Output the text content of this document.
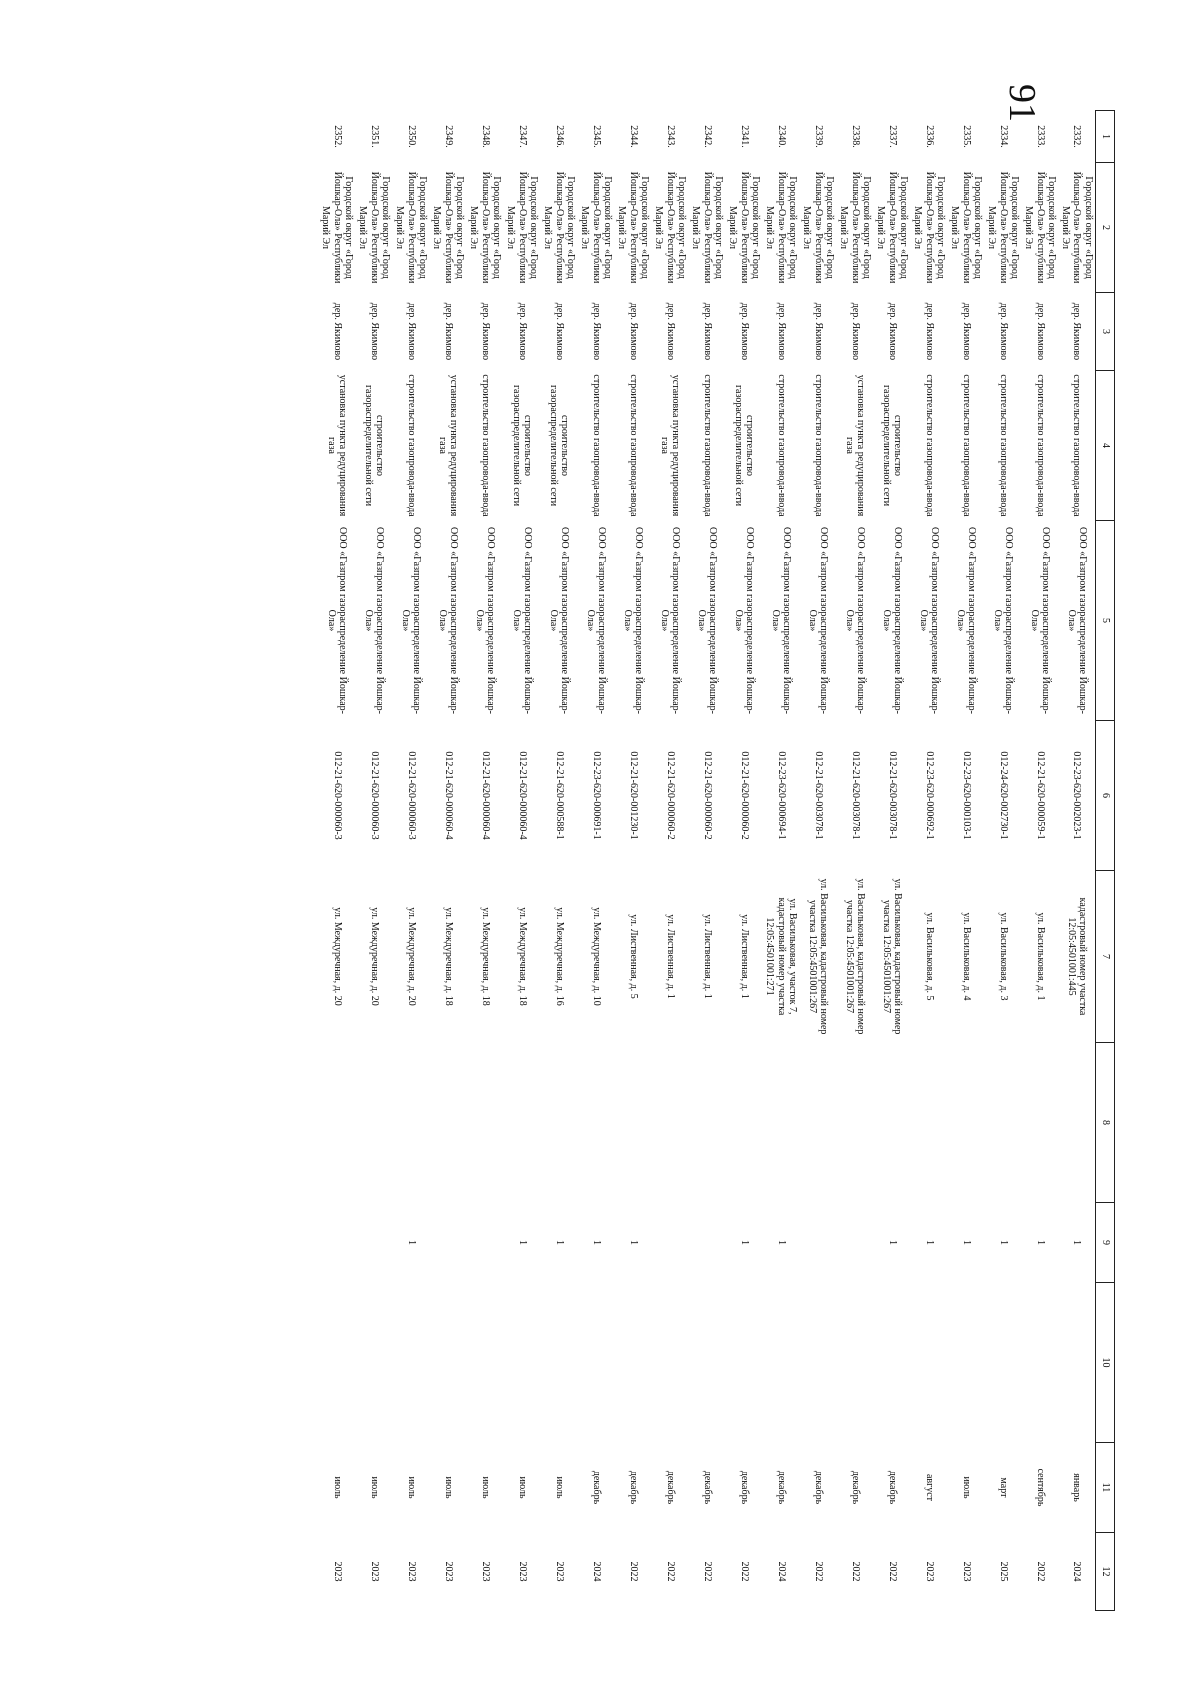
91
1	2	3	4	5	6	7	8	9	10	11	12
2332.	Городской округ «Город Йошкар-Ола» Республики Марий Эл	дер. Якимово	строительство газопровода-ввода	ООО «Газпром газораспределение Йошкар-Ола»	012-23-620-002023-1	кадастровый номер участка 12:05:4501001:445		1		январь	2024
2333.	Городской округ «Город Йошкар-Ола» Республики Марий Эл	дер. Якимово	строительство газопровода-ввода	ООО «Газпром газораспределение Йошкар-Ола»	012-21-620-000059-1	ул. Васильковая, д. 1		1		сентябрь	2022
2334.	Городской округ «Город Йошкар-Ола» Республики Марий Эл	дер. Якимово	строительство газопровода-ввода	ООО «Газпром газораспределение Йошкар-Ола»	012-24-620-002730-1	ул. Васильковая, д. 3		1		март	2025
2335.	Городской округ «Город Йошкар-Ола» Республики Марий Эл	дер. Якимово	строительство газопровода-ввода	ООО «Газпром газораспределение Йошкар-Ола»	012-23-620-000103-1	ул. Васильковая, д. 4		1		июль	2023
2336.	Городской округ «Город Йошкар-Ола» Республики Марий Эл	дер. Якимово	строительство газопровода-ввода	ООО «Газпром газораспределение Йошкар-Ола»	012-23-620-000692-1	ул. Васильковая, д. 5		1		август	2023
2337.	Городской округ «Город Йошкар-Ола» Республики Марий Эл	дер. Якимово	строительство газораспределительной сети	ООО «Газпром газораспределение Йошкар-Ола»	012-21-620-003078-1	ул. Васильковая, кадастровый номер участка 12:05:4501001:267		1		декабрь	2022
2338.	Городской округ «Город Йошкар-Ола» Республики Марий Эл	дер. Якимово	установка пункта редуцирования газа	ООО «Газпром газораспределение Йошкар-Ола»	012-21-620-003078-1	ул. Васильковая, кадастровый номер участка 12:05:4501001:267				декабрь	2022
2339.	Городской округ «Город Йошкар-Ола» Республики Марий Эл	дер. Якимово	строительство газопровода-ввода	ООО «Газпром газораспределение Йошкар-Ола»	012-21-620-003078-1	ул. Васильковая, кадастровый номер участка 12:05:4501001:267				декабрь	2022
2340.	Городской округ «Город Йошкар-Ола» Республики Марий Эл	дер. Якимово	строительство газопровода-ввода	ООО «Газпром газораспределение Йошкар-Ола»	012-23-620-000694-1	ул. Васильковая, участок 7, кадастровый номер участка 12:05:4501001:271		1		декабрь	2024
2341.	Городской округ «Город Йошкар-Ола» Республики Марий Эл	дер. Якимово	строительство газораспределительной сети	ООО «Газпром газораспределение Йошкар-Ола»	012-21-620-000060-2	ул. Лиственная, д. 1		1		декабрь	2022
2342.	Городской округ «Город Йошкар-Ола» Республики Марий Эл	дер. Якимово	строительство газопровода-ввода	ООО «Газпром газораспределение Йошкар-Ола»	012-21-620-000060-2	ул. Лиственная, д. 1				декабрь	2022
2343.	Городской округ «Город Йошкар-Ола» Республики Марий Эл	дер. Якимово	установка пункта редуцирования газа	ООО «Газпром газораспределение Йошкар-Ола»	012-21-620-000060-2	ул. Лиственная, д. 1				декабрь	2022
2344.	Городской округ «Город Йошкар-Ола» Республики Марий Эл	дер. Якимово	строительство газопровода-ввода	ООО «Газпром газораспределение Йошкар-Ола»	012-21-620-001230-1	ул. Лиственная, д. 5		1		декабрь	2022
2345.	Городской округ «Город Йошкар-Ола» Республики Марий Эл	дер. Якимово	строительство газопровода-ввода	ООО «Газпром газораспределение Йошкар-Ола»	012-23-620-000691-1	ул. Междуречная, д. 10		1		декабрь	2024
2346.	Городской округ «Город Йошкар-Ола» Республики Марий Эл	дер. Якимово	строительство газораспределительной сети	ООО «Газпром газораспределение Йошкар-Ола»	012-21-620-000588-1	ул. Междуречная, д. 16		1		июль	2023
2347.	Городской округ «Город Йошкар-Ола» Республики Марий Эл	дер. Якимово	строительство газораспределительной сети	ООО «Газпром газораспределение Йошкар-Ола»	012-21-620-000060-4	ул. Междуречная, д. 18		1		июль	2023
2348.	Городской округ «Город Йошкар-Ола» Республики Марий Эл	дер. Якимово	строительство газопровода-ввода	ООО «Газпром газораспределение Йошкар-Ола»	012-21-620-000060-4	ул. Междуречная, д. 18				июль	2023
2349.	Городской округ «Город Йошкар-Ола» Республики Марий Эл	дер. Якимово	установка пункта редуцирования газа	ООО «Газпром газораспределение Йошкар-Ола»	012-21-620-000060-4	ул. Междуречная, д. 18				июль	2023
2350.	Городской округ «Город Йошкар-Ола» Республики Марий Эл	дер. Якимово	строительство газопровода-ввода	ООО «Газпром газораспределение Йошкар-Ола»	012-21-620-000060-3	ул. Междуречная, д. 20		1		июль	2023
2351.	Городской округ «Город Йошкар-Ола» Республики Марий Эл	дер. Якимово	строительство газораспределительной сети	ООО «Газпром газораспределение Йошкар-Ола»	012-21-620-000060-3	ул. Междуречная, д. 20				июль	2023
2352.	Городской округ «Город Йошкар-Ола» Республики Марий Эл	дер. Якимово	установка пункта редуцирования газа	ООО «Газпром газораспределение Йошкар-Ола»	012-21-620-000060-3	ул. Междуречная, д. 20				июль	2023
